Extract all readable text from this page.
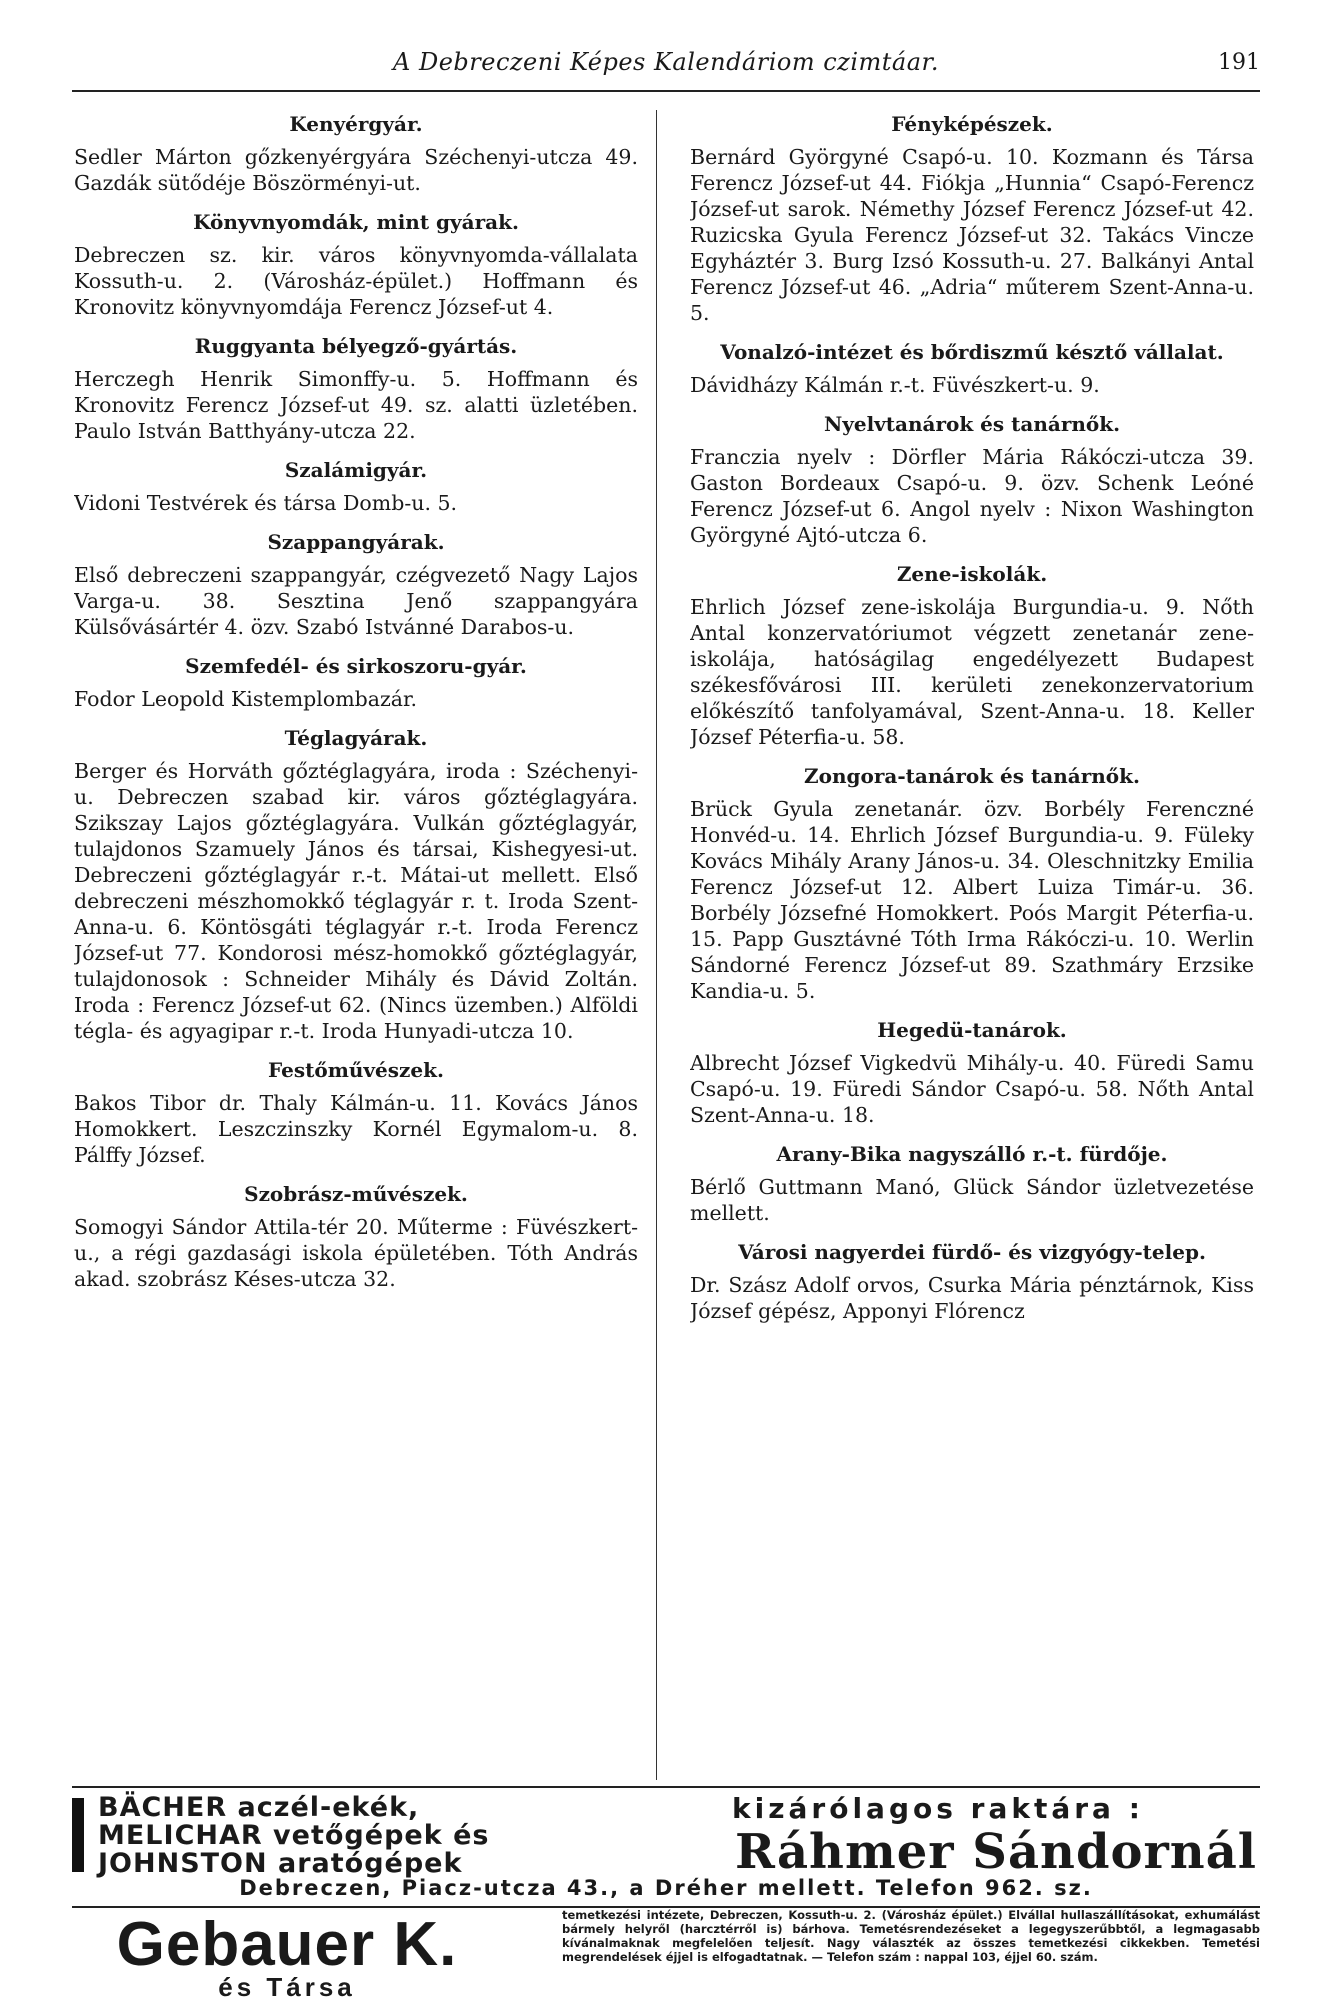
A Debreczeni Képes Kalendáriom czimtáar.	191

Kenyérgyár.

Sedler Márton gőzkenyérgyára Széchenyi-utcza 49. Gazdák sütődéje Böszörményi-ut.

Könyvnyomdák, mint gyárak.

Debreczen sz. kir. város könyvnyomda-vállalata Kossuth-u. 2. (Városház-épület.) Hoffmann és Kronovitz könyvnyomdája Ferencz József-ut 4.

Ruggyanta bélyegző-gyártás.

Herczegh Henrik Simonffy-u. 5. Hoffmann és Kronovitz Ferencz József-ut 49. sz. alatti üzletében. Paulo István Batthyány-utcza 22.

Szalámigyár.

Vidoni Testvérek és társa Domb-u. 5.

Szappangyárak.

Első debreczeni szappangyár, czégvezető Nagy Lajos Varga-u. 38. Sesztina Jenő szappangyára Külsővásártér 4. özv. Szabó Istvánné Darabos-u.

Szemfedél- és sirkoszoru-gyár.

Fodor Leopold Kistemplombazár.

Téglagyárak.

Berger és Horváth gőztéglagyára, iroda : Széchenyi-u. Debreczen szabad kir. város gőztéglagyára. Szikszay Lajos gőztéglagyára. Vulkán gőztéglagyár, tulajdonos Szamuely János és társai, Kishegyesi-ut. Debreczeni gőztéglagyár r.-t. Mátai-ut mellett. Első debreczeni mészhomokkő téglagyár r. t. Iroda Szent-Anna-u. 6. Köntösgáti téglagyár r.-t. Iroda Ferencz József-ut 77. Kondorosi mész-homokkő gőztéglagyár, tulajdonosok : Schneider Mihály és Dávid Zoltán. Iroda : Ferencz József-ut 62. (Nincs üzemben.) Alföldi tégla- és agyagipar r.-t. Iroda Hunyadi-utcza 10.

Festőművészek.

Bakos Tibor dr. Thaly Kálmán-u. 11. Kovács János Homokkert. Leszczinszky Kornél Egymalom-u. 8. Pálffy József.

Szobrász-művészek.

Somogyi Sándor Attila-tér 20. Műterme : Füvészkert-u., a régi gazdasági iskola épületében. Tóth András akad. szobrász Késes-utcza 32.

Fényképészek.

Bernárd Györgyné Csapó-u. 10. Kozmann és Társa Ferencz József-ut 44. Fiókja „Hunnia“ Csapó-Ferencz József-ut sarok. Némethy József Ferencz József-ut 42. Ruzicska Gyula Ferencz József-ut 32. Takács Vincze Egyháztér 3. Burg Izsó Kossuth-u. 27. Balkányi Antal Ferencz József-ut 46. „Adria“ műterem Szent-Anna-u. 5.

Vonalzó-intézet és bőrdiszmű késztő vállalat.

Dávidházy Kálmán r.-t. Füvészkert-u. 9.

Nyelvtanárok és tanárnők.

Franczia nyelv : Dörfler Mária Rákóczi-utcza 39. Gaston Bordeaux Csapó-u. 9. özv. Schenk Leóné Ferencz József-ut 6. Angol nyelv : Nixon Washington Györgyné Ajtó-utcza 6.

Zene-iskolák.

Ehrlich József zene-iskolája Burgundia-u. 9. Nőth Antal konzervatóriumot végzett zenetanár zene-iskolája, hatóságilag engedélyezett Budapest székesfővárosi III. kerületi zenekonzervatorium előkészítő tanfolyamával, Szent-Anna-u. 18. Keller József Péterfia-u. 58.

Zongora-tanárok és tanárnők.

Brück Gyula zenetanár. özv. Borbély Ferenczné Honvéd-u. 14. Ehrlich József Burgundia-u. 9. Füleky Kovács Mihály Arany János-u. 34. Oleschnitzky Emilia Ferencz József-ut 12. Albert Luiza Timár-u. 36. Borbély Józsefné Homokkert. Poós Margit Péterfia-u. 15. Papp Gusztávné Tóth Irma Rákóczi-u. 10. Werlin Sándorné Ferencz József-ut 89. Szathmáry Erzsike Kandia-u. 5.

Hegedü-tanárok.

Albrecht József Vigkedvü Mihály-u. 40. Füredi Samu Csapó-u. 19. Füredi Sándor Csapó-u. 58. Nőth Antal Szent-Anna-u. 18.

Arany-Bika nagyszálló r.-t. fürdője.

Bérlő Guttmann Manó, Glück Sándor üzletvezetése mellett.

Városi nagyerdei fürdő- és vizgyógy-telep.

Dr. Szász Adolf orvos, Csurka Mária pénztárnok, Kiss József gépész, Apponyi Flórencz

BÄCHER aczél-ekék,
MELICHAR vetőgépek és
JOHNSTON aratógépek
kizárólagos raktára :
Ráhmer Sándornál
Debreczen, Piacz-utcza 43., a Dréher mellett. Telefon 962. sz.
Gebauer K.
és Társa
temetkezési intézete, Debreczen, Kossuth-u. 2. (Városház épület.) Elvállal hullaszállításokat, exhumálást bármely helyről (harcztérről is) bárhova. Temetésrendezéseket a legegyszerűbbtől, a legmagasabb kívánalmaknak megfelelően teljesít. Nagy választék az összes temetkezési cikkekben. Temetési megrendelések éjjel is elfogadtatnak. — Telefon szám : nappal 103, éjjel 60. szám.
